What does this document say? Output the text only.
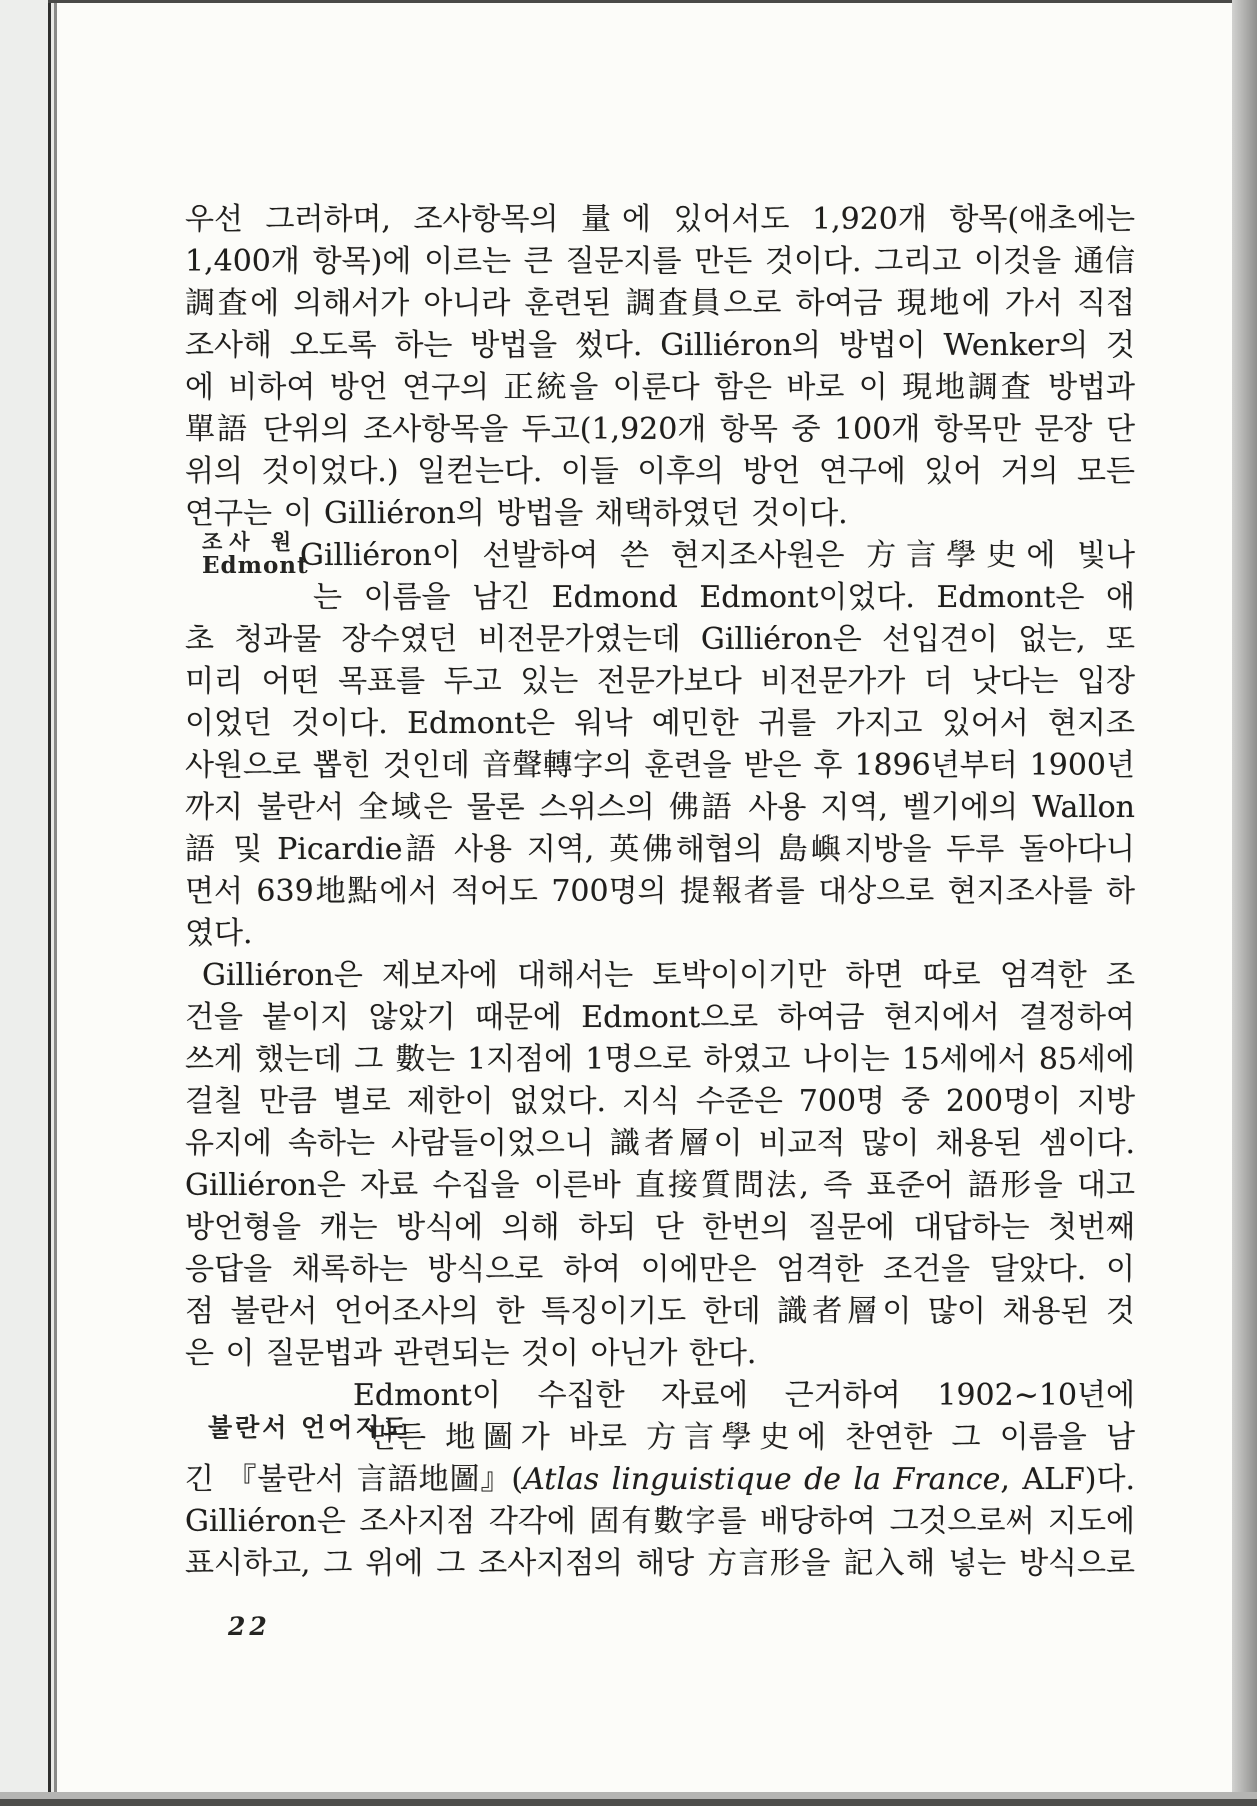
우선 그러하며, 조사항목의 量에 있어서도 1,920개 항목(애초에는
1,400개 항목)에 이르는 큰 질문지를 만든 것이다. 그리고 이것을 通信
調査에 의해서가 아니라 훈련된 調査員으로 하여금 現地에 가서 직접
조사해 오도록 하는 방법을 썼다. Gilliéron의 방법이 Wenker의 것
에 비하여 방언 연구의 正統을 이룬다 함은 바로 이 現地調査 방법과
單語 단위의 조사항목을 두고(1,920개 항목 중 100개 항목만 문장 단
위의 것이었다.) 일컫는다. 이들 이후의 방언 연구에 있어 거의 모든
연구는 이 Gilliéron의 방법을 채택하였던 것이다.
Gilliéron이 선발하여 쓴 현지조사원은 方言學史에 빛나
는 이름을 남긴 Edmond Edmont이었다. Edmont은 애
초 청과물 장수였던 비전문가였는데 Gilliéron은 선입견이 없는, 또
미리 어떤 목표를 두고 있는 전문가보다 비전문가가 더 낫다는 입장
이었던 것이다. Edmont은 워낙 예민한 귀를 가지고 있어서 현지조
사원으로 뽑힌 것인데 音聲轉字의 훈련을 받은 후 1896년부터 1900년
까지 불란서 全域은 물론 스위스의 佛語 사용 지역, 벨기에의 Wallon
語 및 Picardie語 사용 지역, 英佛해협의 島嶼지방을 두루 돌아다니
면서 639地點에서 적어도 700명의 提報者를 대상으로 현지조사를 하
였다.
Gilliéron은 제보자에 대해서는 토박이이기만 하면 따로 엄격한 조
건을 붙이지 않았기 때문에 Edmont으로 하여금 현지에서 결정하여
쓰게 했는데 그 數는 1지점에 1명으로 하였고 나이는 15세에서 85세에
걸칠 만큼 별로 제한이 없었다. 지식 수준은 700명 중 200명이 지방
유지에 속하는 사람들이었으니 識者層이 비교적 많이 채용된 셈이다.
Gilliéron은 자료 수집을 이른바 直接質問法, 즉 표준어 語形을 대고
방언형을 캐는 방식에 의해 하되 단 한번의 질문에 대답하는 첫번째
응답을 채록하는 방식으로 하여 이에만은 엄격한 조건을 달았다. 이
점 불란서 언어조사의 한 특징이기도 한데 識者層이 많이 채용된 것
은 이 질문법과 관련되는 것이 아닌가 한다.
Edmont이 수집한 자료에 근거하여 1902∼10년에
만든 地圖가 바로 方言學史에 찬연한 그 이름을 남
긴 『불란서 言語地圖』(Atlas linguistique de la France, ALF)다.
Gilliéron은 조사지점 각각에 固有數字를 배당하여 그것으로써 지도에
표시하고, 그 위에 그 조사지점의 해당 方言形을 記入해 넣는 방식으로
조사 원
Edmont
불란서 언어지도
22
